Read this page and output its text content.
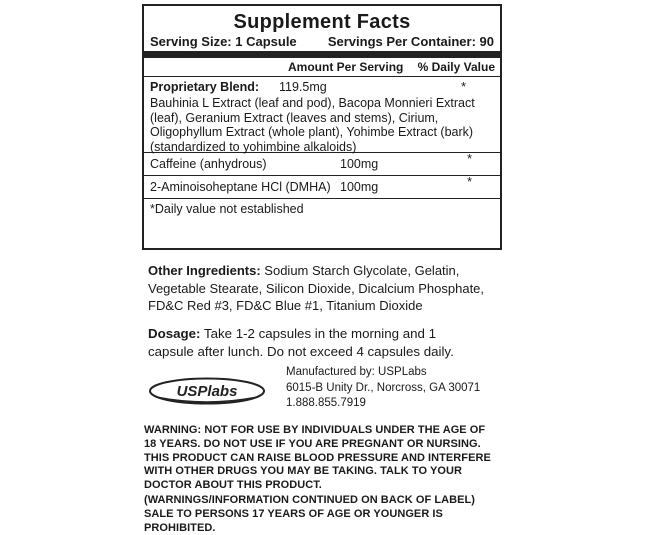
Supplement Facts
Serving Size: 1 Capsule Servings Per Container: 90
Amount Per Serving % Daily Value
Proprietary Blend: 119.5mg	*
Bauhinia L Extract (leaf and pod), Bacopa Monnieri Extract
(leaf), Geranium Extract (leaves and stems), Cirium,
Oligophyllum Extract (whole plant), Yohimbe Extract (bark)
(standardized to yohimbine alkaloids)
Caffeine (anhydrous)	100mg	*
2-Aminoisoheptane HCl (DMHA) 100mg	*
*Daily value not established
Other Ingredients: Sodium Starch Glycolate, Gelatin,
Vegetable Stearate, Silicon Dioxide, Dicalcium Phosphate,
FD&C Red #3, FD&C Blue #1, Titanium Dioxide
Dosage: Take 1-2 capsules in the morning and 1
capsule after lunch. Do not exceed 4 capsules daily.
USPlabs
Manufactured by: USPLabs
6015-B Unity Dr., Norcross, GA 30071
1.888.855.7919
WARNING: NOT FOR USE BY INDIVIDUALS UNDER THE AGE OF
18 YEARS. DO NOT USE IF YOU ARE PREGNANT OR NURSING.
THIS PRODUCT CAN RAISE BLOOD PRESSURE AND INTERFERE
WITH OTHER DRUGS YOU MAY BE TAKING. TALK TO YOUR
DOCTOR ABOUT THIS PRODUCT.
(WARNINGS/INFORMATION CONTINUED ON BACK OF LABEL)
SALE TO PERSONS 17 YEARS OF AGE OR YOUNGER IS PROHIBITED.
